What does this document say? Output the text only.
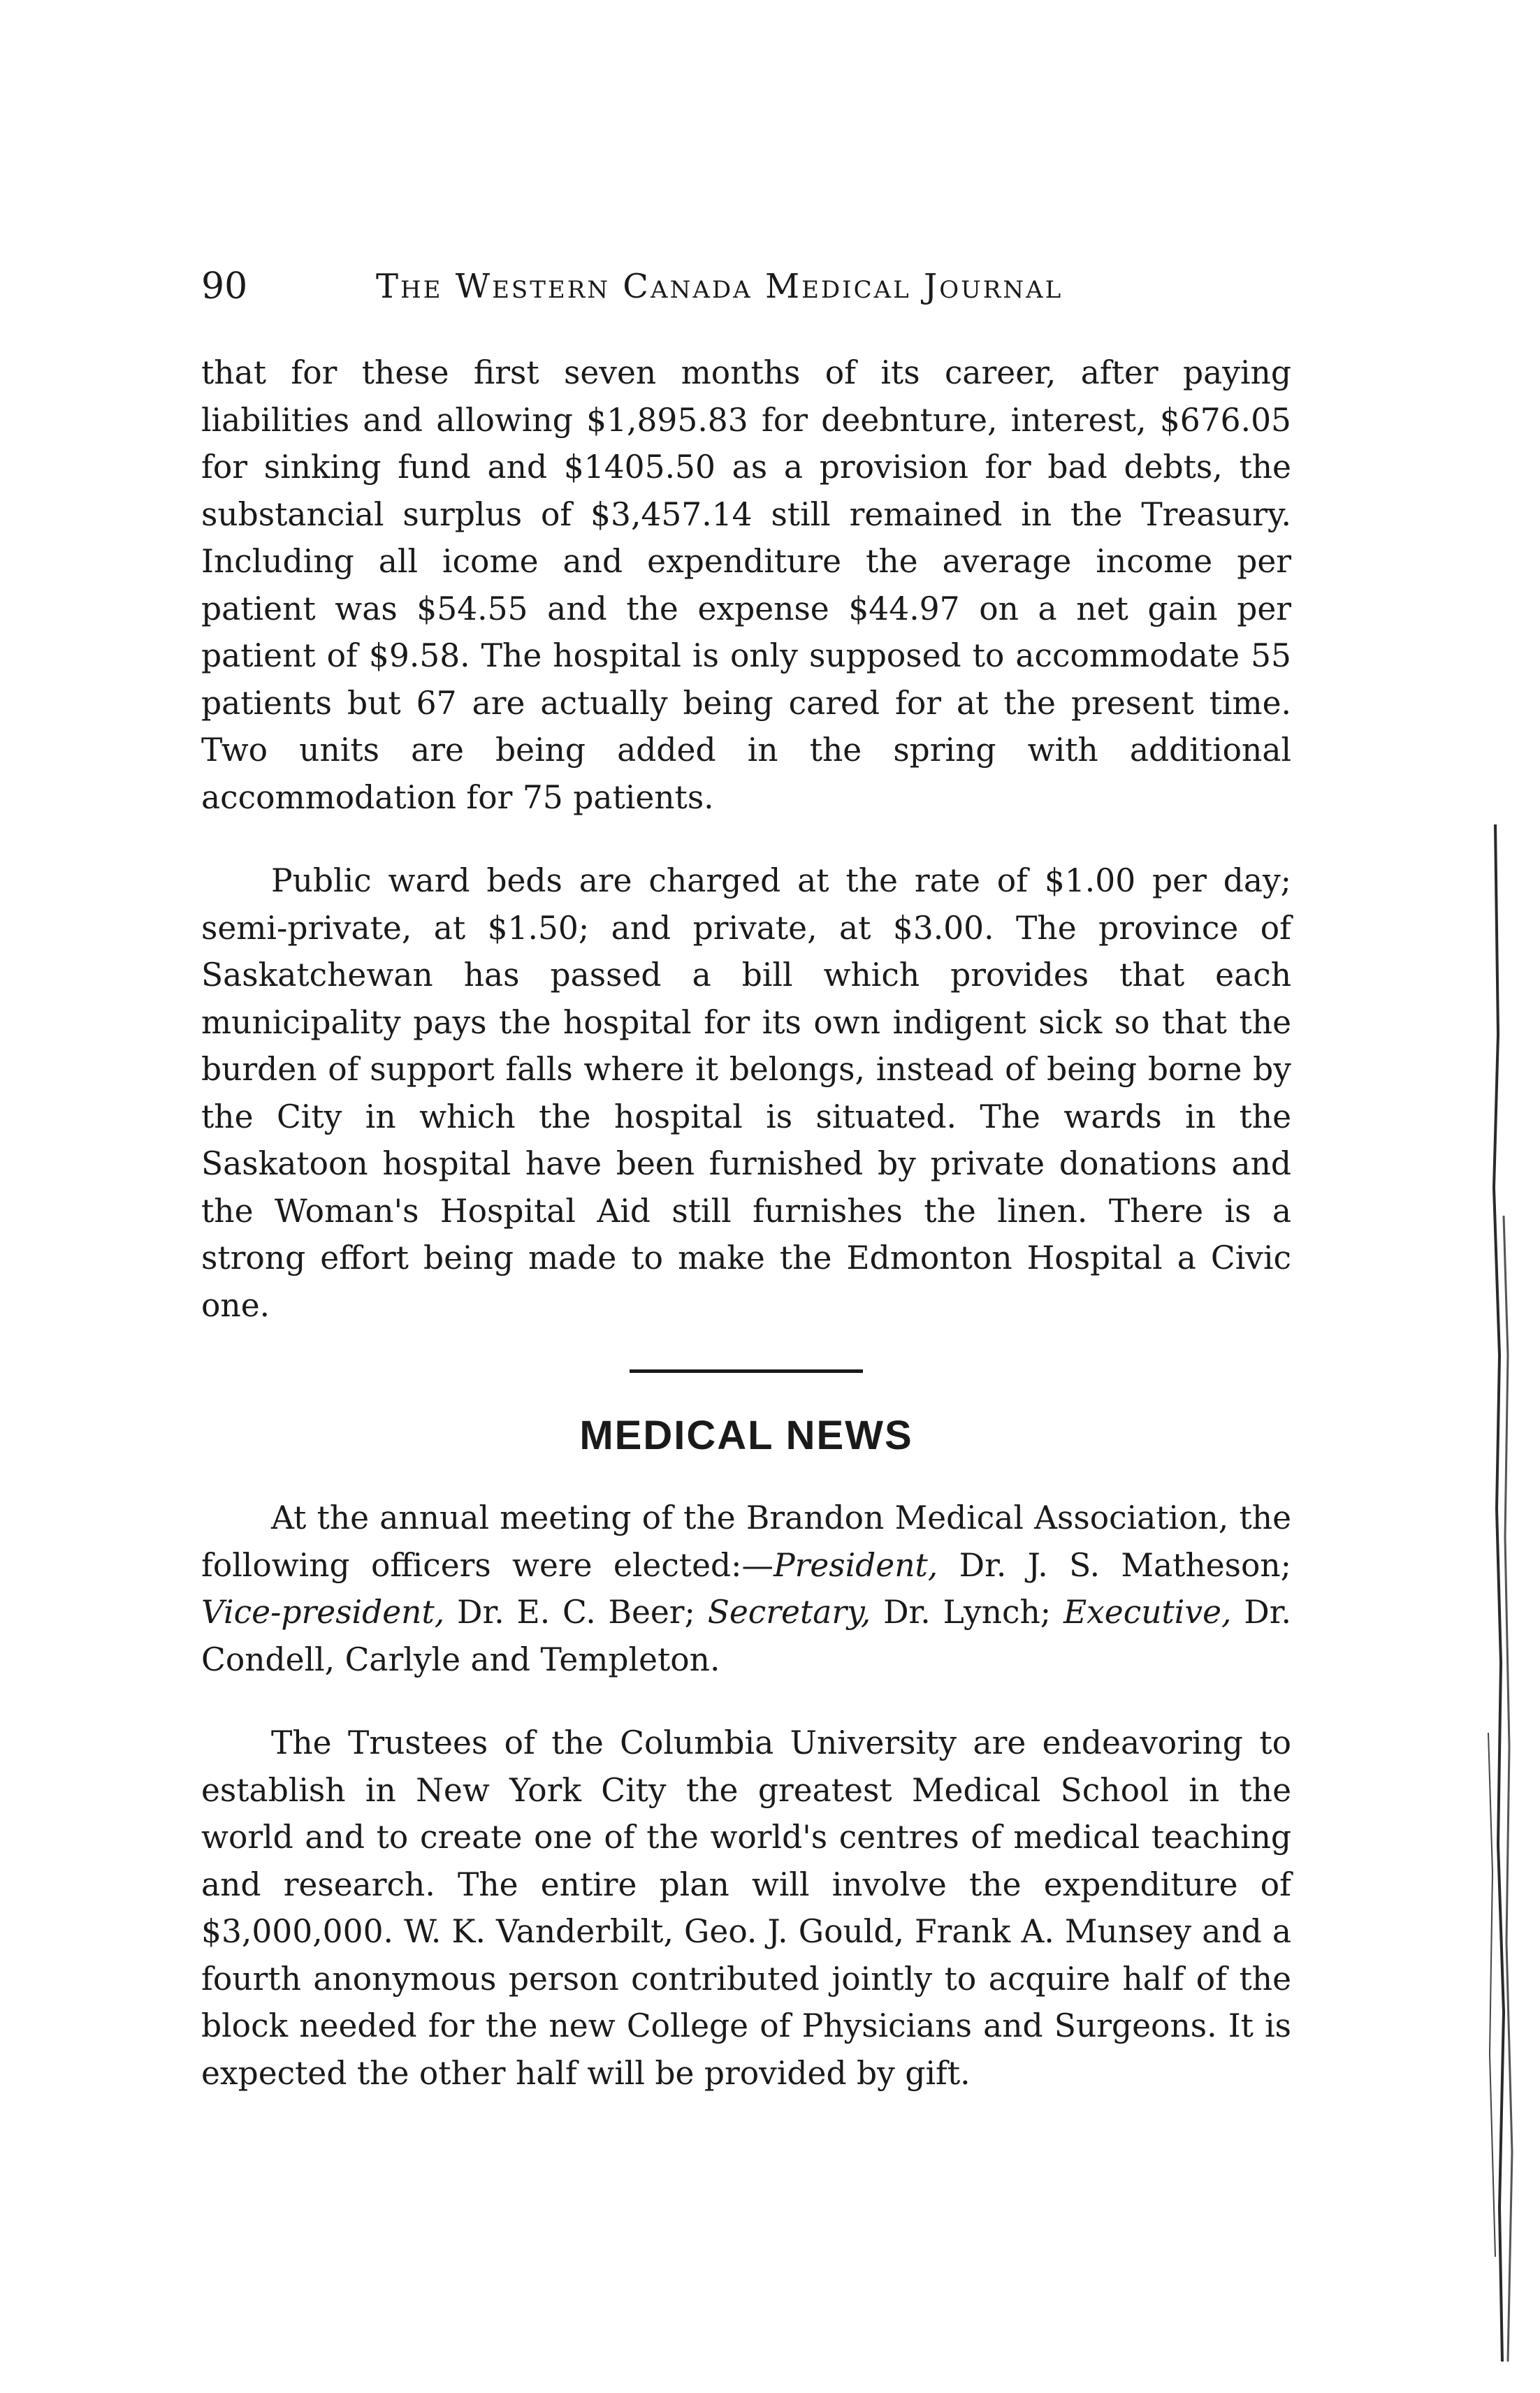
90	The Western Canada Medical Journal

that for these first seven months of its career, after paying liabilities and allowing $1,895.83 for deebnture, interest, $676.05 for sinking fund and $1405.50 as a provision for bad debts, the substancial surplus of $3,457.14 still remained in the Treasury. Including all icome and expenditure the average income per patient was $54.55 and the expense $44.97 on a net gain per patient of $9.58. The hospital is only supposed to accommodate 55 patients but 67 are actually being cared for at the present time. Two units are being added in the spring with additional accommodation for 75 patients.

Public ward beds are charged at the rate of $1.00 per day; semi-private, at $1.50; and private, at $3.00. The province of Saskatchewan has passed a bill which provides that each municipality pays the hospital for its own indigent sick so that the burden of support falls where it belongs, instead of being borne by the City in which the hospital is situated. The wards in the Saskatoon hospital have been furnished by private donations and the Woman's Hospital Aid still furnishes the linen. There is a strong effort being made to make the Edmonton Hospital a Civic one.

MEDICAL NEWS

At the annual meeting of the Brandon Medical Association, the following officers were elected:—President, Dr. J. S. Matheson; Vice-president, Dr. E. C. Beer; Secretary, Dr. Lynch; Executive, Dr. Condell, Carlyle and Templeton.

The Trustees of the Columbia University are endeavoring to establish in New York City the greatest Medical School in the world and to create one of the world's centres of medical teaching and research. The entire plan will involve the expenditure of $3,000,000. W. K. Vanderbilt, Geo. J. Gould, Frank A. Munsey and a fourth anonymous person contributed jointly to acquire half of the block needed for the new College of Physicians and Surgeons. It is expected the other half will be provided by gift.
